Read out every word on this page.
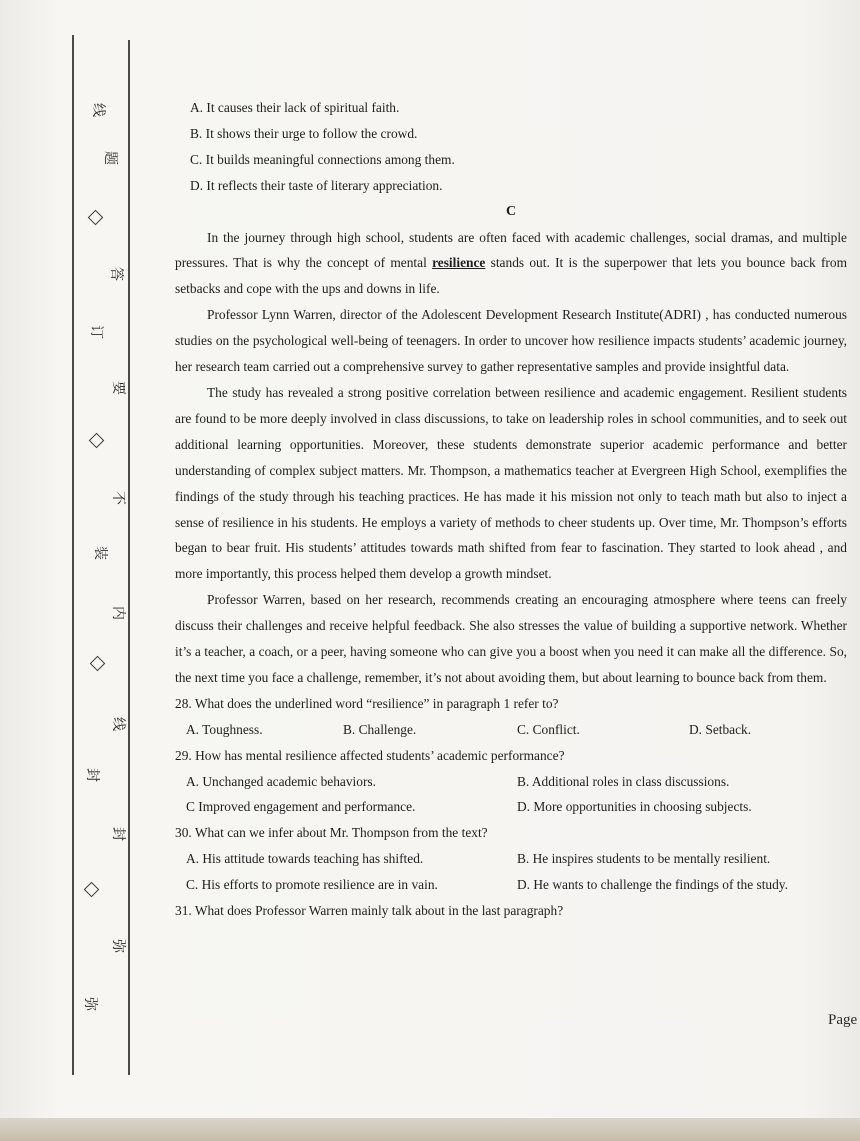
线
题
答
订
要
不
装
内
线
封
封
弥
弥
A. It causes their lack of spiritual faith.
B. It shows their urge to follow the crowd.
C. It builds meaningful connections among them.
D. It reflects their taste of literary appreciation.
C
In the journey through high school, students are often faced with academic challenges, social dramas, and multiple pressures. That is why the concept of mental resilience stands out. It is the superpower that lets you bounce back from setbacks and cope with the ups and downs in life.
Professor Lynn Warren, director of the Adolescent Development Research Institute(ADRI) , has conducted numerous studies on the psychological well-being of teenagers. In order to uncover how resilience impacts students’ academic journey, her research team carried out a comprehensive survey to gather representative samples and provide insightful data.
The study has revealed a strong positive correlation between resilience and academic engagement. Resilient students are found to be more deeply involved in class discussions, to take on leadership roles in school communities, and to seek out additional learning opportunities. Moreover, these students demonstrate superior academic performance and better understanding of complex subject matters. Mr. Thompson, a mathematics teacher at Evergreen High School, exemplifies the findings of the study through his teaching practices. He has made it his mission not only to teach math but also to inject a sense of resilience in his students. He employs a variety of methods to cheer students up. Over time, Mr. Thompson’s efforts began to bear fruit. His students’ attitudes towards math shifted from fear to fascination. They started to look ahead , and more importantly, this process helped them develop a growth mindset.
Professor Warren, based on her research, recommends creating an encouraging atmosphere where teens can freely discuss their challenges and receive helpful feedback. She also stresses the value of building a supportive network. Whether it’s a teacher, a coach, or a peer, having someone who can give you a boost when you need it can make all the difference. So, the next time you face a challenge, remember, it’s not about avoiding them, but about learning to bounce back from them.
28. What does the underlined word “resilience” in paragraph 1 refer to?
A. Toughness.	B. Challenge.	C. Conflict.	D. Setback.
29. How has mental resilience affected students’ academic performance?
A. Unchanged academic behaviors.	B. Additional roles in class discussions.
C Improved engagement and performance.	D. More opportunities in choosing subjects.
30. What can we infer about Mr. Thompson from the text?
A. His attitude towards teaching has shifted.	B. He inspires students to be mentally resilient.
C. His efforts to promote resilience are in vain.	D. He wants to challenge the findings of the study.
31. What does Professor Warren mainly talk about in the last paragraph?
Page
